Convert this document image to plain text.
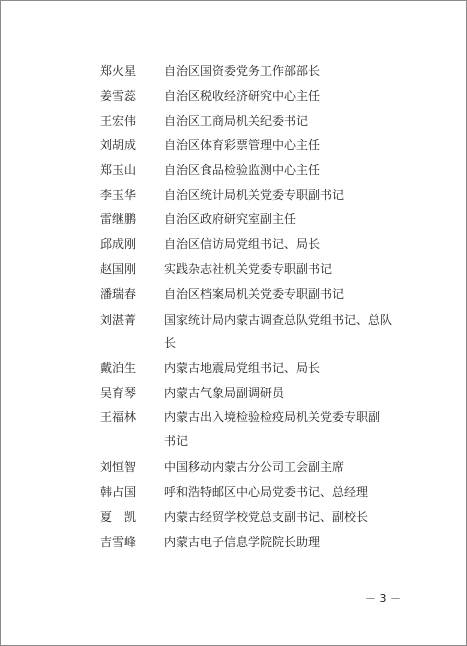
郑火星	自治区国资委党务工作部部长
姜雪蕊	自治区税收经济研究中心主任
王宏伟	自治区工商局机关纪委书记
刘胡成	自治区体育彩票管理中心主任
郑玉山	自治区食品检验监测中心主任
李玉华	自治区统计局机关党委专职副书记
雷继鹏	自治区政府研究室副主任
邱成刚	自治区信访局党组书记、局长
赵国刚	实践杂志社机关党委专职副书记
潘瑞春	自治区档案局机关党委专职副书记
刘湛菁	国家统计局内蒙古调查总队党组书记、总队
长
戴泊生	内蒙古地震局党组书记、局长
吴育琴	内蒙古气象局副调研员
王福林	内蒙古出入境检验检疫局机关党委专职副
书记
刘恒智	中国移动内蒙古分公司工会副主席
韩占国	呼和浩特邮区中心局党委书记、总经理
夏　凯	内蒙古经贸学校党总支副书记、副校长
吉雪峰	内蒙古电子信息学院院长助理
－ 3 －
